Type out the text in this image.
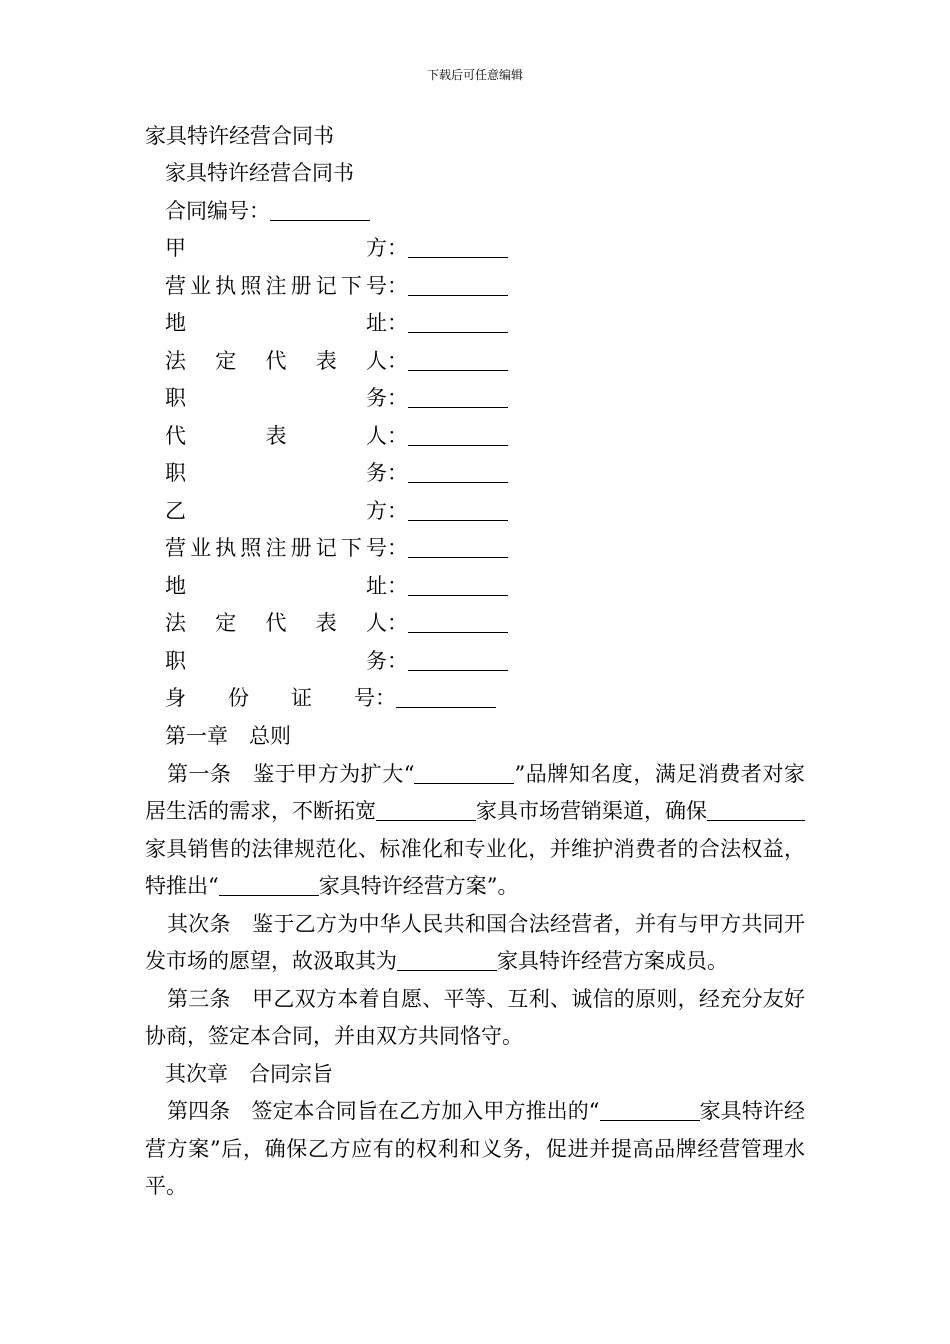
下载后可任意编辑
家具特许经营合同书
家具特许经营合同书
合同编号：
甲方：
营业执照注册记下号：
地址：
法定代表人：
职务：
代表人：
职务：
乙方：
营业执照注册记下号：
地址：
法定代表人：
职务：
身份证号：

第一章　总则

第一条　鉴于甲方为扩大“	”品牌知名度，满足消费者对家居生活的需求，不断拓宽	家具市场营销渠道，确保家具销售的法律规范化、标准化和专业化，并维护消费者的合法权益，特推出“	家具特许经营方案”。

其次条　鉴于乙方为中华人民共和国合法经营者，并有与甲方共同开发市场的愿望，故汲取其为	家具特许经营方案成员。

第三条　甲乙双方本着自愿、平等、互利、诚信的原则，经充分友好协商，签定本合同，并由双方共同恪守。

其次章　合同宗旨

第四条　签定本合同旨在乙方加入甲方推出的“	家具特许经营方案”后，确保乙方应有的权利和义务，促进并提高品牌经营管理水平。
